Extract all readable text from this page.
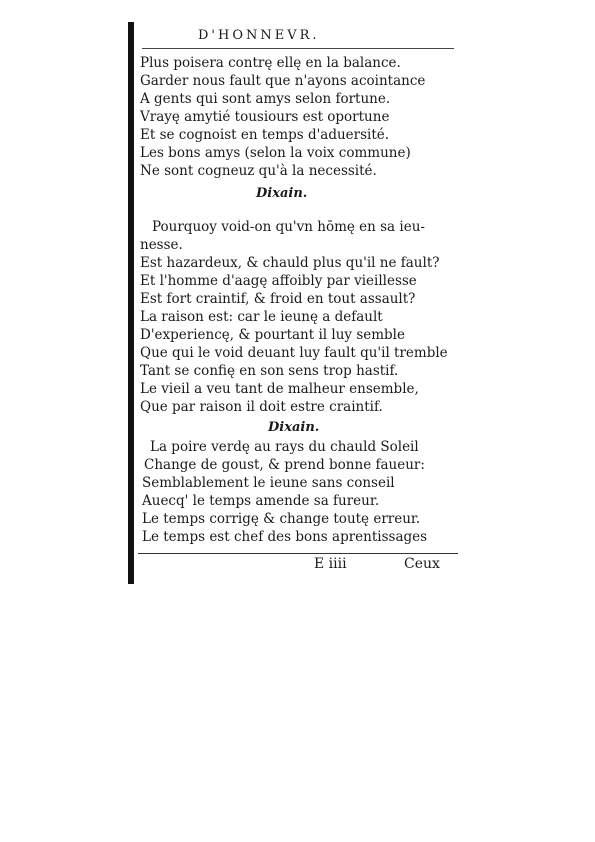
D'HONNEVR.
Plus poisera contrę ellę en la balance.
Garder nous fault que n'ayons acointance
A gents qui sont amys selon fortune.
Vrayę amytié tousiours est oportune
Et se cognoist en temps d'aduersité.
Les bons amys (selon la voix commune)
Ne sont cogneuz qu'à la necessité.
Dixain.
Pourquoy void-on qu'vn hōmę en sa ieu-
nesse.
Est hazardeux, & chauld plus qu'il ne fault?
Et l'homme d'aagę affoibly par vieillesse
Est fort craintif, & froid en tout assault?
La raison est: car le ieunę a default
D'experiencę, & pourtant il luy semble
Que qui le void deuant luy fault qu'il tremble
Tant se confię en son sens trop hastif.
Le vieil a veu tant de malheur ensemble,
Que par raison il doit estre craintif.
Dixain.
La poire verdę au rays du chauld Soleil
Change de goust, & prend bonne faueur:
Semblablement le ieune sans conseil
Auecq' le temps amende sa fureur.
Le temps corrigę & change toutę erreur.
Le temps est chef des bons aprentissages
E iiii	Ceux
